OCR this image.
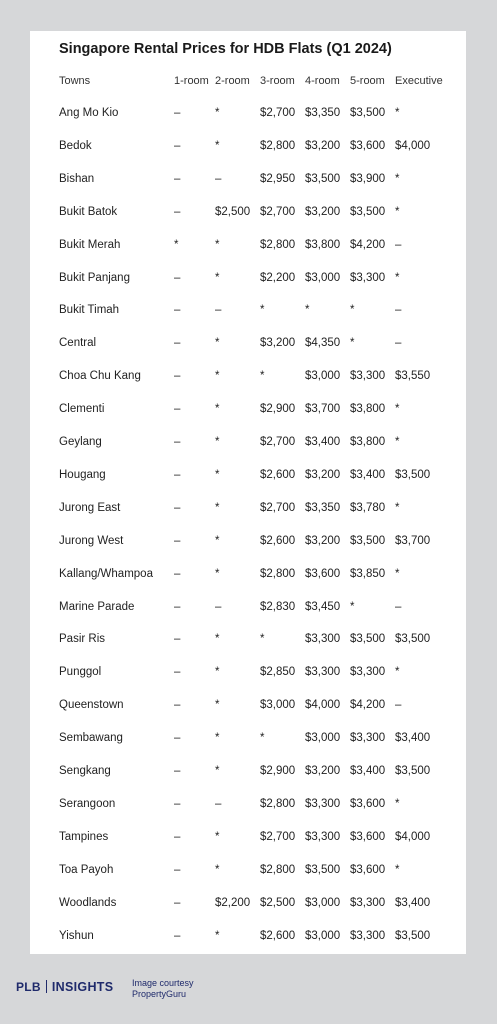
Singapore Rental Prices for HDB Flats (Q1 2024)
Towns	1-room 2-room 3-room 4-room 5-room Executive
Ang Mo Kio	–	*	$2,700 $3,350 $3,500 *
Bedok	–	*	$2,800 $3,200 $3,600 $4,000
Bishan	–	–	$2,950 $3,500 $3,900 *
Bukit Batok	–	$2,500 $2,700 $3,200 $3,500 *
Bukit Merah	*	*	$2,800 $3,800 $4,200 –
Bukit Panjang	–	*	$2,200 $3,000 $3,300 *
Bukit Timah	–	–	*	*	*	–
Central	–	*	$3,200 $4,350 *	–
Choa Chu Kang	–	*	*	$3,000 $3,300 $3,550
Clementi	–	*	$2,900 $3,700 $3,800 *
Geylang	–	*	$2,700 $3,400 $3,800 *
Hougang	–	*	$2,600 $3,200 $3,400 $3,500
Jurong East	–	*	$2,700 $3,350 $3,780 *
Jurong West	–	*	$2,600 $3,200 $3,500 $3,700
Kallang/Whampoa –	*	$2,800 $3,600 $3,850 *
Marine Parade	–	–	$2,830 $3,450 *	–
Pasir Ris	–	*	*	$3,300 $3,500 $3,500
Punggol	–	*	$2,850 $3,300 $3,300 *
Queenstown	–	*	$3,000 $4,000 $4,200 –
Sembawang	–	*	*	$3,000 $3,300 $3,400
Sengkang	–	*	$2,900 $3,200 $3,400 $3,500
Serangoon	–	–	$2,800 $3,300 $3,600 *
Tampines	–	*	$2,700 $3,300 $3,600 $4,000
Toa Payoh	–	*	$2,800 $3,500 $3,600 *
Woodlands	–	$2,200 $2,500 $3,000 $3,300 $3,400
Yishun	–	*	$2,600 $3,000 $3,300 $3,500
PLB INSIGHTS Image courtesy
PropertyGuru
